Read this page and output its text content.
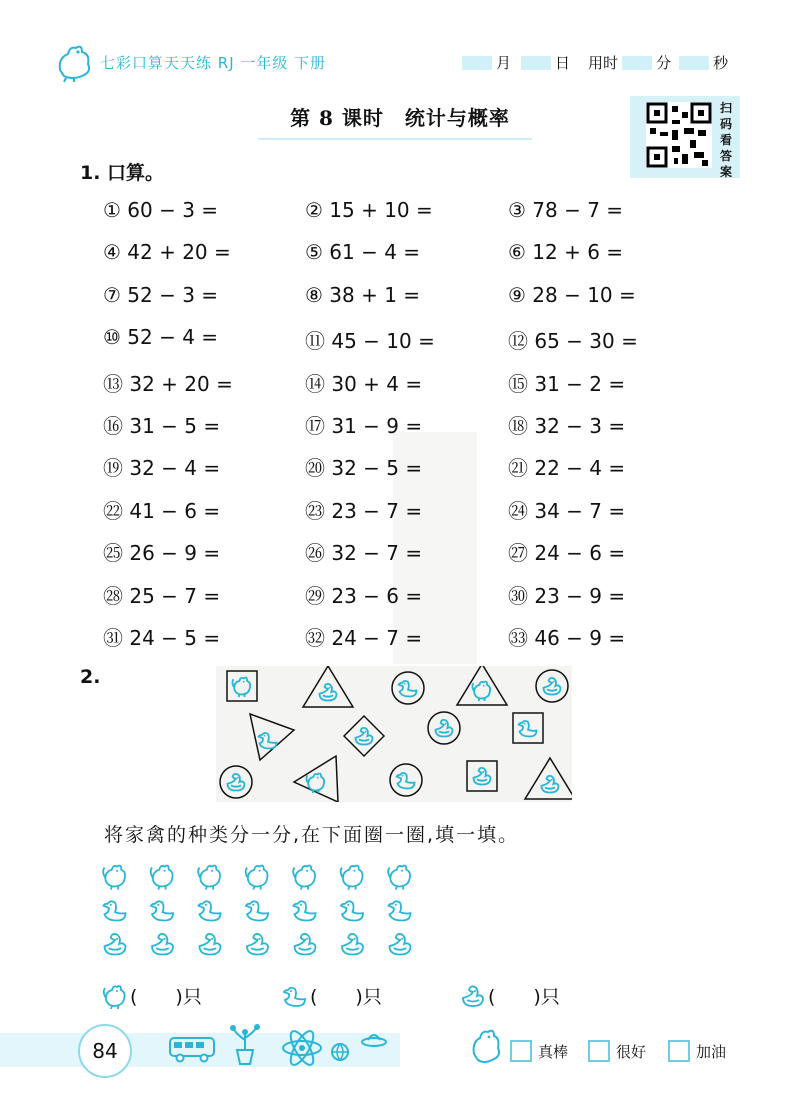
七彩口算天天练 RJ 一年级 下册	月	日 用时	分	秒
第 8 课时　统计与概率	扫
码
看
答
案
1. 口算。
① 60 − 3 =	② 15 + 10 =	③ 78 − 7 =
④ 42 + 20 =	⑤ 61 − 4 =	⑥ 12 + 6 =
⑦ 52 − 3 =	⑧ 38 + 1 =	⑨ 28 − 10 =
⑩ 52 − 4 =	⑪ 45 − 10 =	⑫ 65 − 30 =
⑬ 32 + 20 =	⑭ 30 + 4 =	⑮ 31 − 2 =
⑯ 31 − 5 =	⑰ 31 − 9 =	⑱ 32 − 3 =
⑲ 32 − 4 =	⑳ 32 − 5 =	㉑ 22 − 4 =
㉒ 41 − 6 =	㉓ 23 − 7 =	㉔ 34 − 7 =
㉕ 26 − 9 =	㉖ 32 − 7 =	㉗ 24 − 6 =
㉘ 25 − 7 =	㉙ 23 − 6 =	㉚ 23 − 9 =
㉛ 24 − 5 =	㉜ 24 − 7 =	㉝ 46 − 9 =
2.
将家禽的种类分一分,在下面圈一圈,填一填。
(　　)只	(　　)只	(　　)只
84	真棒	很好	加油
